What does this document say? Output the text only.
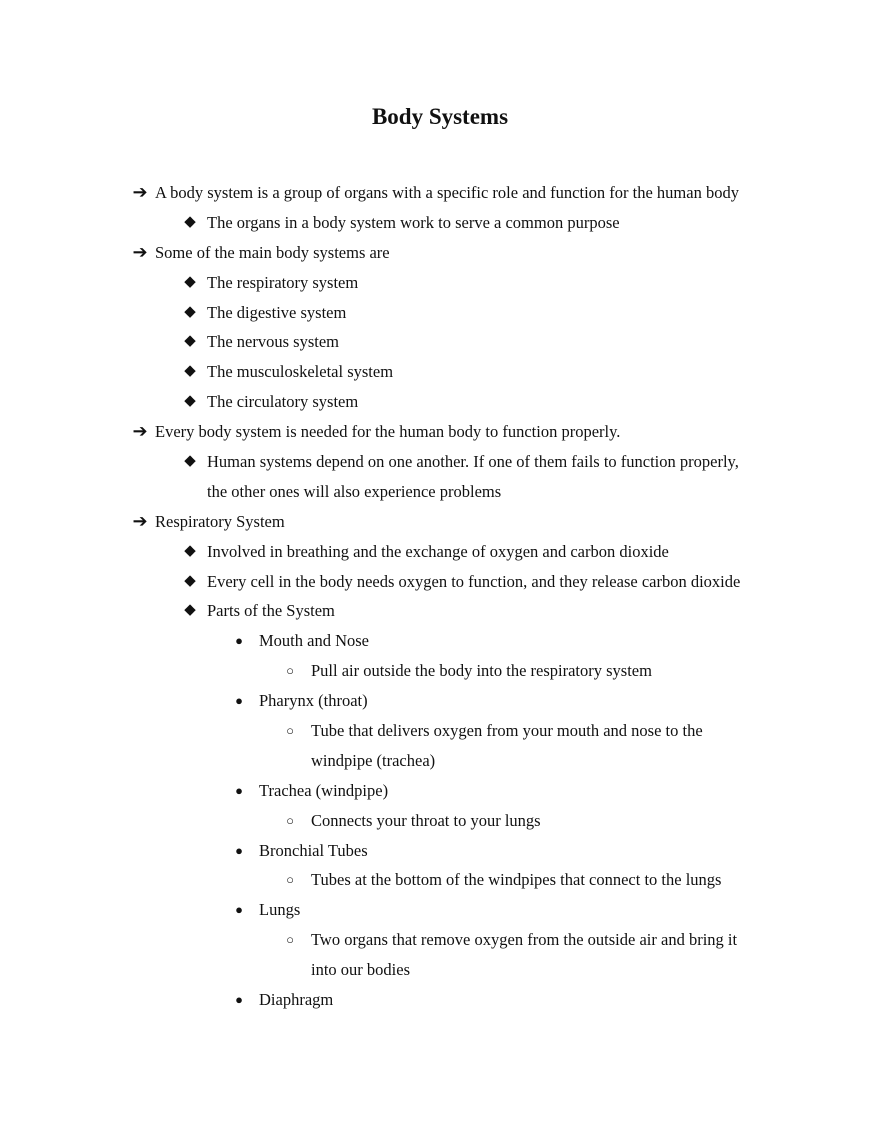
Body Systems
➔ A body system is a group of organs with a specific role and function for the human body
◆ The organs in a body system work to serve a common purpose
➔ Some of the main body systems are
◆ The respiratory system
◆ The digestive system
◆ The nervous system
◆ The musculoskeletal system
◆ The circulatory system
➔ Every body system is needed for the human body to function properly.
◆ Human systems depend on one another. If one of them fails to function properly,
the other ones will also experience problems
➔ Respiratory System
◆ Involved in breathing and the exchange of oxygen and carbon dioxide
◆ Every cell in the body needs oxygen to function, and they release carbon dioxide
◆ Parts of the System
● Mouth and Nose
○	Pull air outside the body into the respiratory system
● Pharynx (throat)
○	Tube that delivers oxygen from your mouth and nose to the
windpipe (trachea)
● Trachea (windpipe)
○	Connects your throat to your lungs
● Bronchial Tubes
○	Tubes at the bottom of the windpipes that connect to the lungs
● Lungs
○	Two organs that remove oxygen from the outside air and bring it
into our bodies
● Diaphragm
